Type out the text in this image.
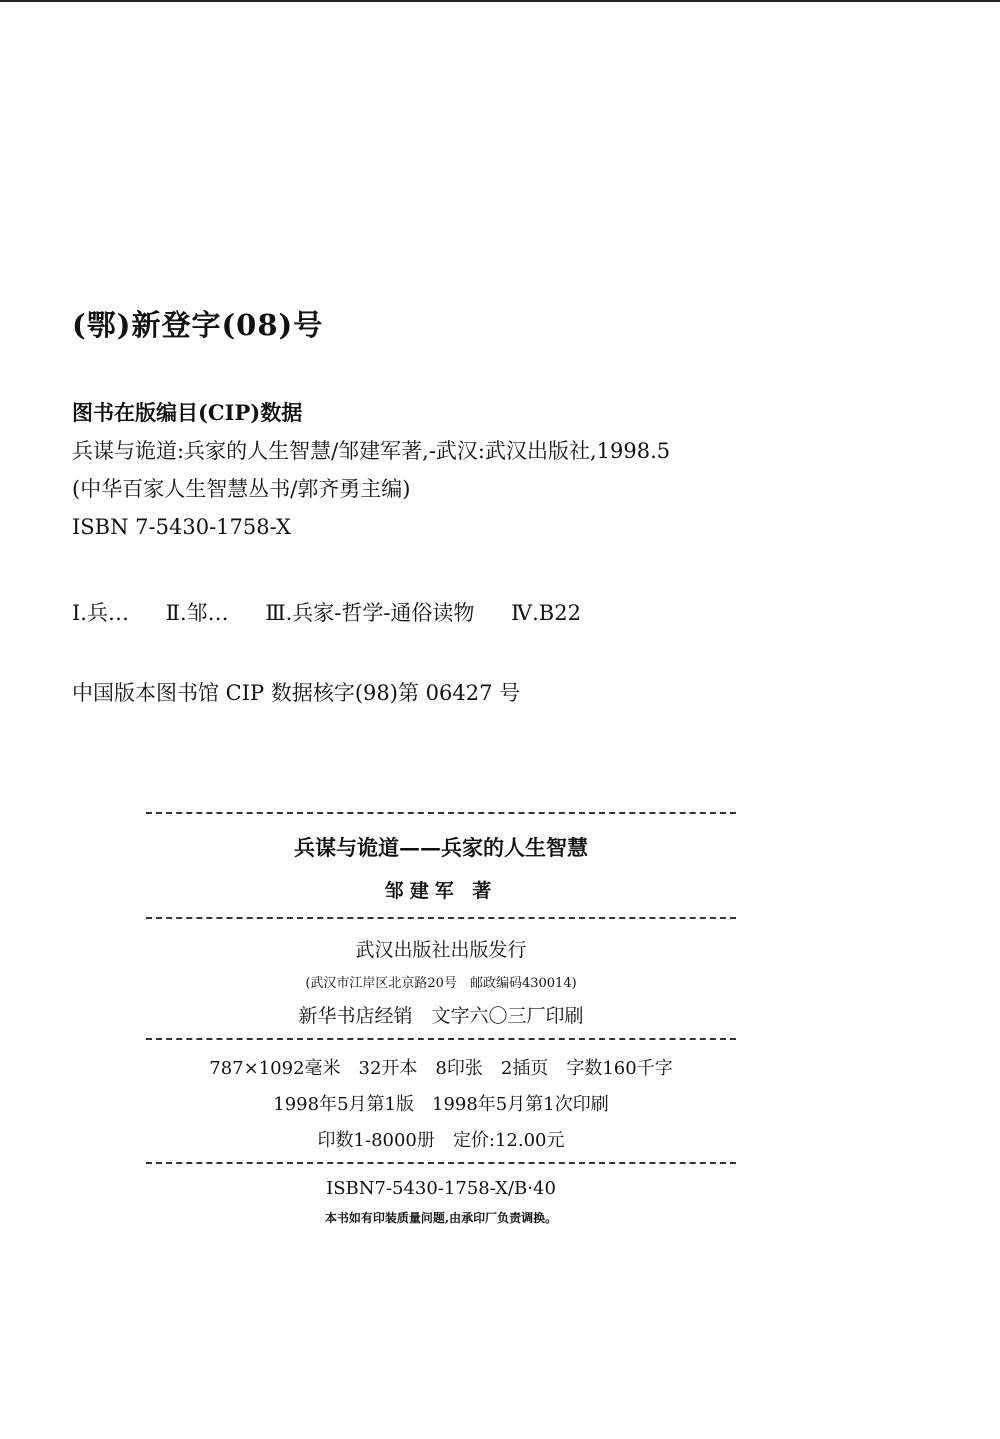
(鄂)新登字(08)号
图书在版编目(CIP)数据
兵谋与诡道:兵家的人生智慧/邹建军著,-武汉:武汉出版社,1998.5
(中华百家人生智慧丛书/郭齐勇主编)
ISBN 7-5430-1758-X
Ⅰ.兵… Ⅱ.邹… Ⅲ.兵家-哲学-通俗读物 Ⅳ.B22
中国版本图书馆 CIP 数据核字(98)第 06427 号
兵谋与诡道——兵家的人生智慧
邹建军 著
武汉出版社出版发行
(武汉市江岸区北京路20号　邮政编码430014)
新华书店经销　文字六〇三厂印刷
787×1092毫米　32开本　8印张　2插页　字数160千字
1998年5月第1版　1998年5月第1次印刷
印数1-8000册　定价:12.00元
ISBN7-5430-1758-X/B·40
本书如有印装质量问题,由承印厂负责调换。
